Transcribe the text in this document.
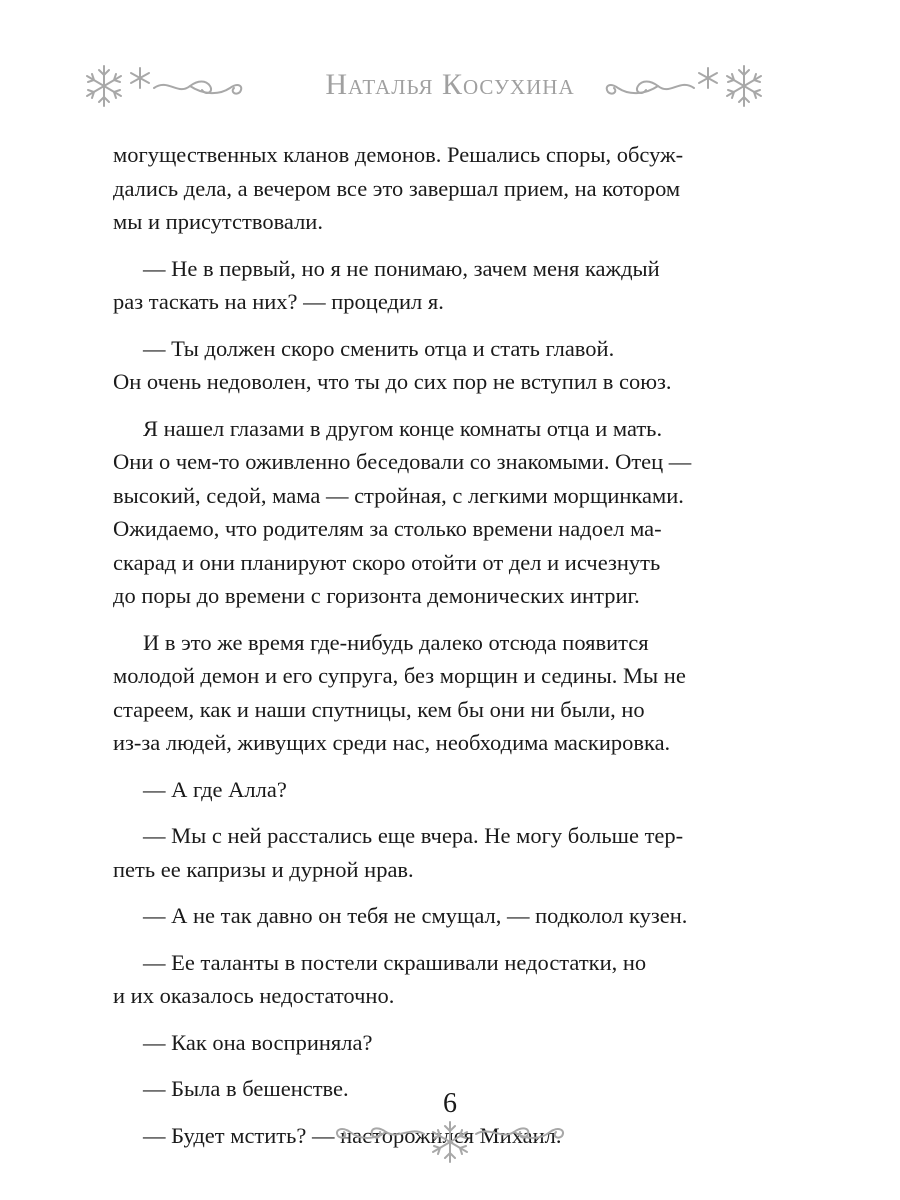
Наталья Косухина

могущественных кланов демонов. Решались споры, обсуж-
дались дела, а вечером все это завершал прием, на котором
мы и присутствовали.

— Не в первый, но я не понимаю, зачем меня каждый
раз таскать на них? — процедил я.

— Ты должен скоро сменить отца и стать главой.
Он очень недоволен, что ты до сих пор не вступил в союз.

Я нашел глазами в другом конце комнаты отца и мать.
Они о чем-то оживленно беседовали со знакомыми. Отец —
высокий, седой, мама — стройная, с легкими морщинками.
Ожидаемо, что родителям за столько времени надоел ма-
скарад и они планируют скоро отойти от дел и исчезнуть
до поры до времени с горизонта демонических интриг.

И в это же время где-нибудь далеко отсюда появится
молодой демон и его супруга, без морщин и седины. Мы не
стареем, как и наши спутницы, кем бы они ни были, но
из-за людей, живущих среди нас, необходима маскировка.

— А где Алла?

— Мы с ней расстались еще вчера. Не могу больше тер-
петь ее капризы и дурной нрав.

— А не так давно он тебя не смущал, — подколол кузен.

— Ее таланты в постели скрашивали недостатки, но
и их оказалось недостаточно.

— Как она восприняла?

— Была в бешенстве.

— Будет мстить? — насторожился Михаил.

6
